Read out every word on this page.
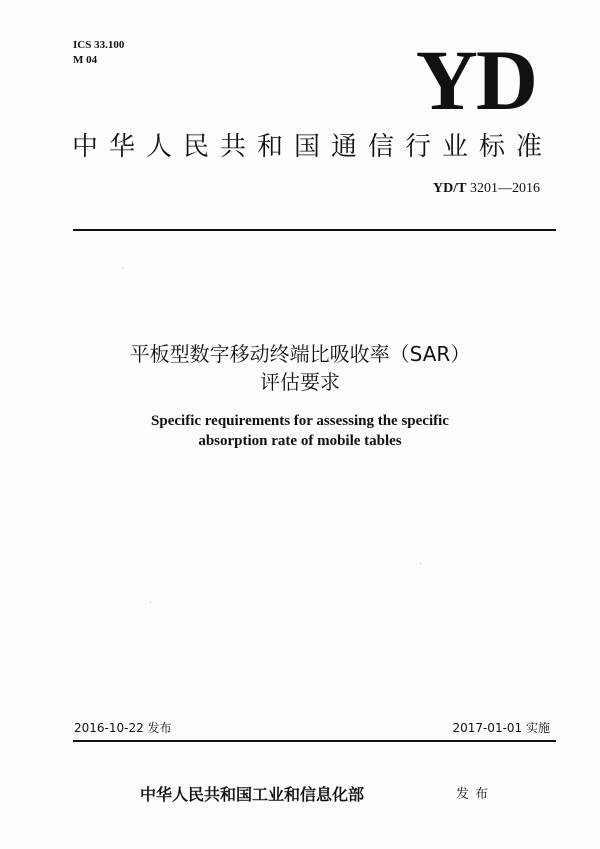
ICS 33.100
M 04	YD
中华人民共和国通信行业标准
YD/T 3201—2016
平板型数字移动终端比吸收率（SAR）
评估要求
Specific requirements for assessing the specific
absorption rate of mobile tables
2016-10-22 发布	2017-01-01 实施
中华人民共和国工业和信息化部	发布
